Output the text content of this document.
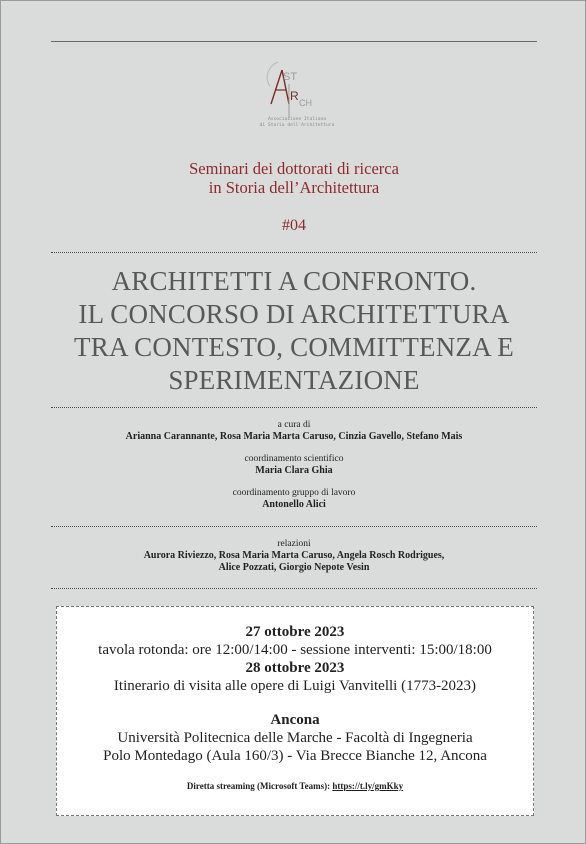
ST
R CH
Associazione Italiana
di Storia dell'Architettura
Seminari dei dottorati di ricerca
in Storia dell’Architettura
#04
ARCHITETTI A CONFRONTO.
IL CONCORSO DI ARCHITETTURA
TRA CONTESTO, COMMITTENZA E
SPERIMENTAZIONE
a cura di
Arianna Carannante, Rosa Maria Marta Caruso, Cinzia Gavello, Stefano Mais
coordinamento scientifico
Maria Clara Ghia
coordinamento gruppo di lavoro
Antonello Alici
relazioni
Aurora Riviezzo, Rosa Maria Marta Caruso, Angela Rosch Rodrigues,
Alice Pozzati, Giorgio Nepote Vesin
27 ottobre 2023
tavola rotonda: ore 12:00/14:00 - sessione interventi: 15:00/18:00
28 ottobre 2023
Itinerario di visita alle opere di Luigi Vanvitelli (1773-2023)
Ancona
Università Politecnica delle Marche - Facoltà di Ingegneria
Polo Montedago (Aula 160/3) - Via Brecce Bianche 12, Ancona
Diretta streaming (Microsoft Teams): https://t.ly/gmKky
